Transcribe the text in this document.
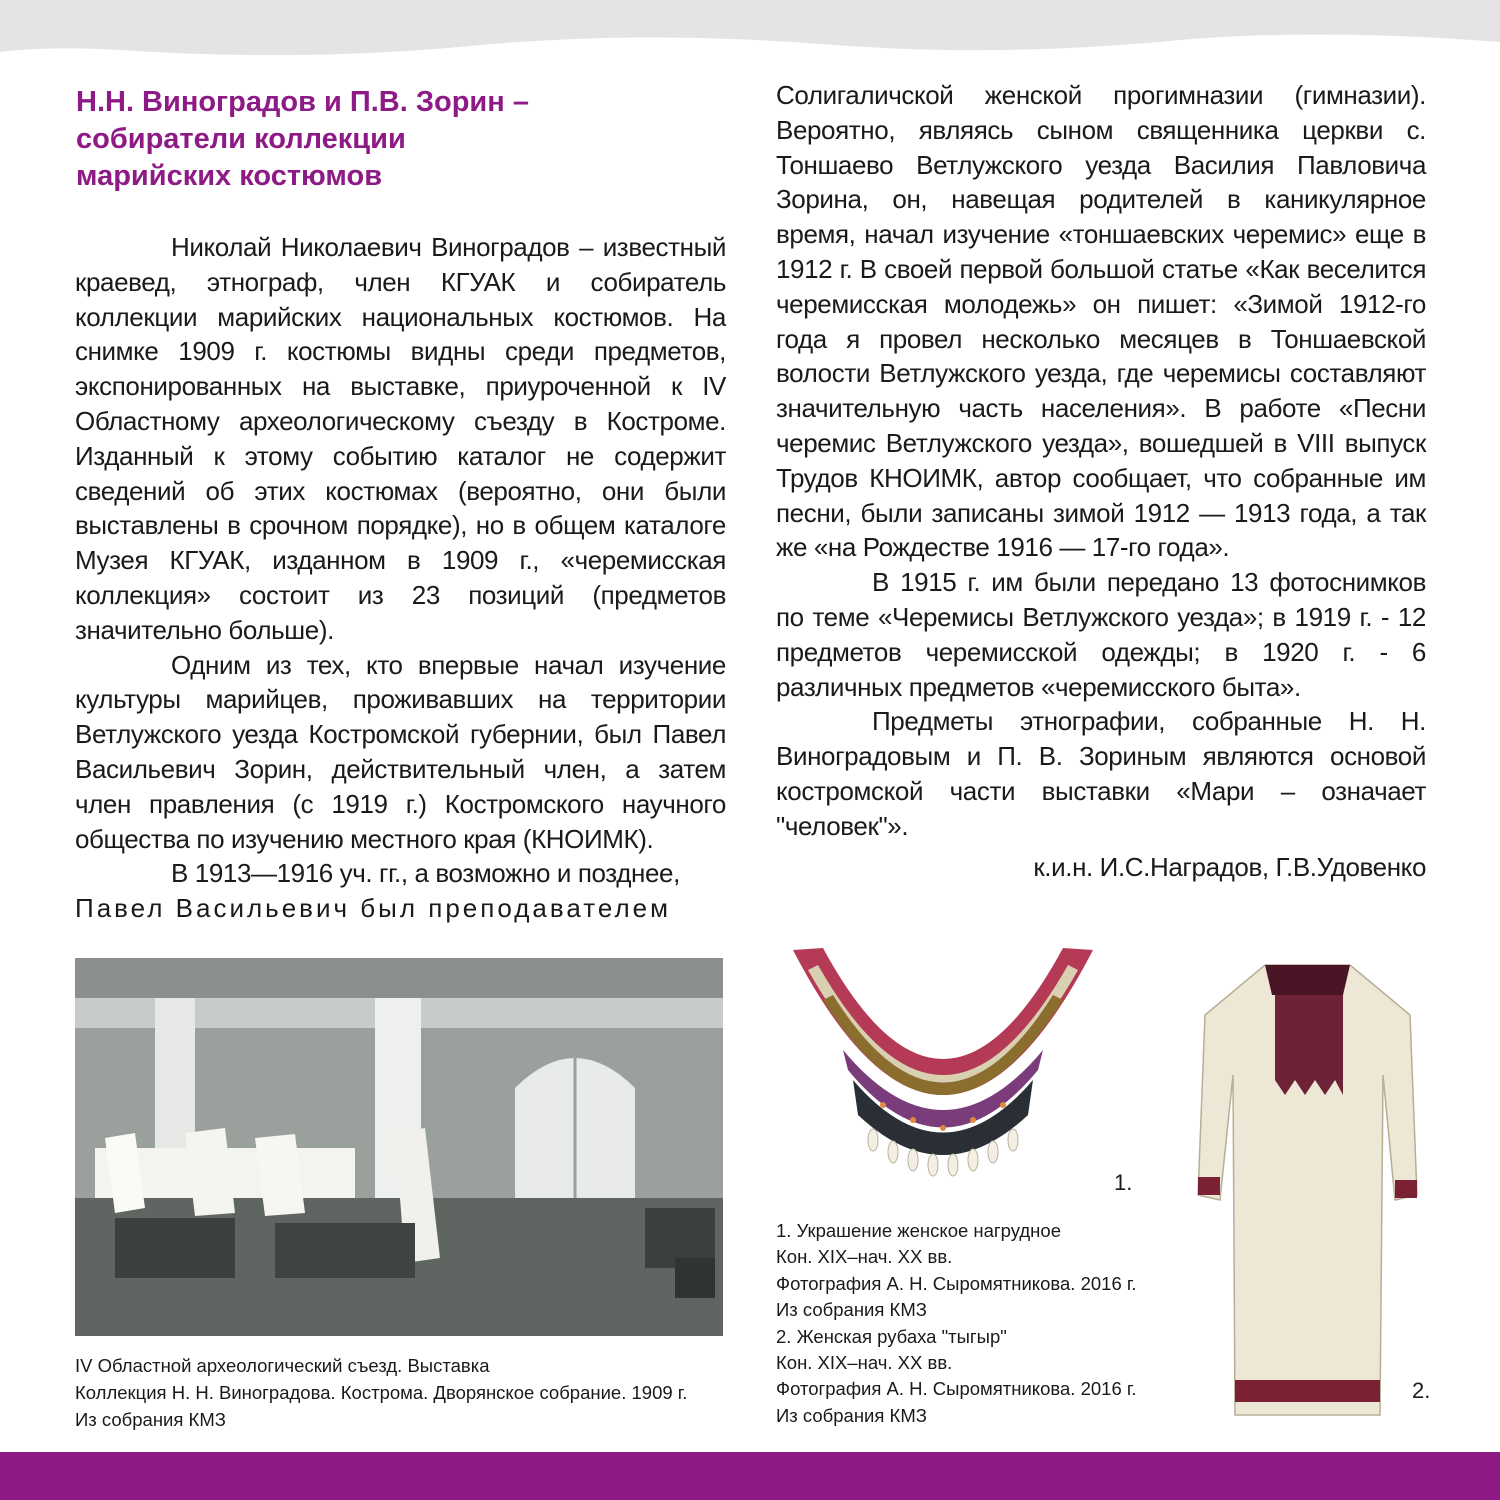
Н.Н. Виноградов и П.В. Зорин –
собиратели коллекции
марийских костюмов

Николай Николаевич Виноградов – известный краевед, этнограф, член КГУАК и собиратель коллекции марийских национальных костюмов. На снимке 1909 г. костюмы видны среди предметов, экспонированных на выставке, приуроченной к IV Областному археологическому съезду в Костроме. Изданный к этому событию каталог не содержит сведений об этих костюмах (вероятно, они были выставлены в срочном порядке), но в общем каталоге Музея КГУАК, изданном в 1909 г., «черемисская коллекция» состоит из 23 позиций (предметов значительно больше).

Одним из тех, кто впервые начал изучение культуры марийцев, проживавших на территории Ветлужского уезда Костромской губернии, был Павел Васильевич Зорин, действительный член, а затем член правления (с 1919 г.) Костромского научного общества по изучению местного края (КНОИМК).

В 1913—1916 уч. гг., а возможно и позднее,
Павел Васильевич был преподавателем

Солигаличской женской прогимназии (гимназии). Вероятно, являясь сыном священника церкви с. Тоншаево Ветлужского уезда Василия Павловича Зорина, он, навещая родителей в каникулярное время, начал изучение «тоншаевских черемис» еще в 1912 г. В своей первой большой статье «Как веселится черемисская молодежь» он пишет: «Зимой 1912-го года я провел несколько месяцев в Тоншаевской волости Ветлужского уезда, где черемисы составляют значительную часть населения». В работе «Песни черемис Ветлужского уезда», вошедшей в VIII выпуск Трудов КНОИМК, автор сообщает, что собранные им песни, были записаны зимой 1912 — 1913 года, а так же «на Рождестве 1916 — 17-го года».

В 1915 г. им были передано 13 фотоснимков по теме «Черемисы Ветлужского уезда»; в 1919 г. - 12 предметов черемисской одежды; в 1920 г. - 6 различных предметов «черемисского быта».

Предметы этнографии, собранные Н. Н. Виноградовым и П. В. Зориным являются основой костромской части выставки «Мари – означает "человек"».

к.и.н. И.С.Наградов, Г.В.Удовенко

IV Областной археологический съезд. Выставка
Коллекция Н. Н. Виноградова. Кострома. Дворянское собрание. 1909 г.
Из собрания КМЗ
1.
2.
1. Украшение женское нагрудное
Кон. XIX–нач. XX вв.
Фотография А. Н. Сыромятникова. 2016 г.
Из собрания КМЗ
2. Женская рубаха "тыгыр"
Кон. XIX–нач. XX вв.
Фотография А. Н. Сыромятникова. 2016 г.
Из собрания КМЗ
